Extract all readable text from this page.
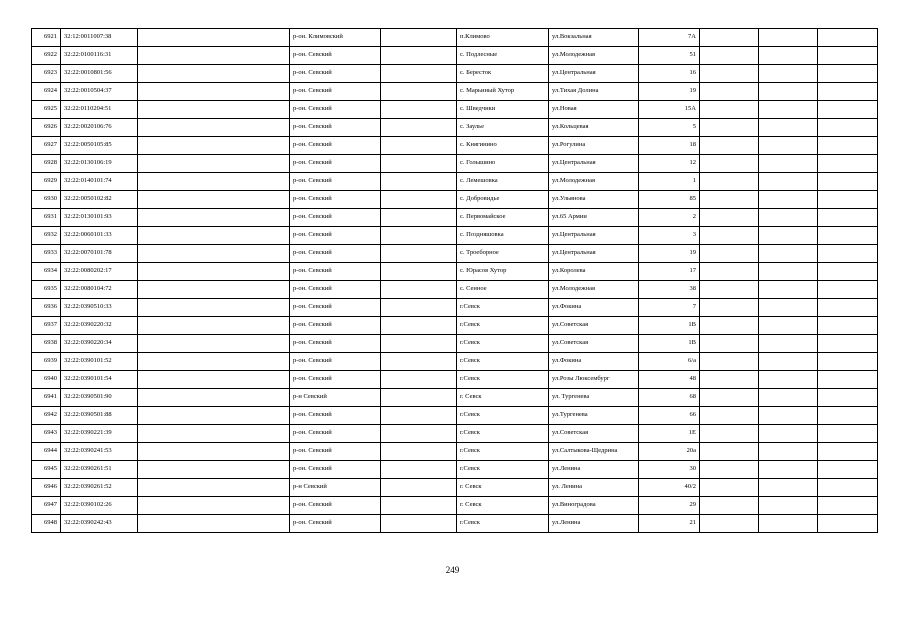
6921	32:12:0011007:38		р-он. Климовский		п.Климово	ул.Вокзальная	7А			
6922	32:22:0100116:31		р-он. Севский		с. Подлесные	ул.Молодежная	51			
6923	32:22:0010801:56		р-он. Севский		с. Бересток	ул.Центральная	16			
6924	32:22:0010504:37		р-он. Севский		с. Марьиный Хутор	ул.Тихая Долина	19			
6925	32:22:0110204:51		р-он. Севский		с. Шведчики	ул.Новая	15А			
6926	32:22:0020106:76		р-он. Севский		с. Заулье	ул.Кольцевая	5			
6927	32:22:0050105:85		р-он. Севский		с. Княгинино	ул.Рогулина	18			
6928	32:22:0130106:19		р-он. Севский		с. Голышино	ул.Центральная	12			
6929	32:22:0140101:74		р-он. Севский		с. Лемешовка	ул.Молодежная	1			
6930	32:22:0050102:82		р-он. Севский		с. Добровидье	ул.Ульянова	85			
6931	32:22:0130101:93		р-он. Севский		с. Первомайское	ул.65 Армии	2			
6932	32:22:0060101:33		р-он. Севский		с. Поздняшовка	ул.Центральная	3			
6933	32:22:0070101:78		р-он. Севский		с. Троеборное	ул.Центральная	19			
6934	32:22:0080202:17		р-он. Севский		с. Юрасов Хутор	ул.Королева	17			
6935	32:22:0080104:72		р-он. Севский		с. Сенное	ул.Молодежная	38			
6936	32:22:0390510:33		р-он. Севский		г.Севск	ул.Фокина	7			
6937	32:22:0390220:32		р-он. Севский		г.Севск	ул.Советская	1В			
6938	32:22:0390220:34		р-он. Севский		г.Севск	ул.Советская	1В			
6939	32:22:0390101:52		р-он. Севский		г.Севск	ул.Фокина	6/а			
6940	32:22:0390101:54		р-он. Севский		г.Севск	ул.Розы Люксембург	48			
6941	32:22:0390501:90		р-н Севский		г. Севск	ул. Тургенева	68			
6942	32:22:0390501:88		р-он. Севский		г.Севск	ул.Тургенева	66			
6943	32:22:0390221:39		р-он. Севский		г.Севск	ул.Советская	1Е			
6944	32:22:0390241:53		р-он. Севский		г.Севск	ул.Салтыкова-Щедрина	20а			
6945	32:22:0390261:51		р-он. Севский		г.Севск	ул.Ленина	30			
6946	32:22:0390261:52		р-н Севский		г. Севск	ул. Ленина	40/2			
6947	32:22:0390102:26		р-он. Севский		г. Севск	ул.Виноградова	29			
6948	32:22:0390242:43		р-он. Севский		г.Севск	ул.Ленина	21			
249
